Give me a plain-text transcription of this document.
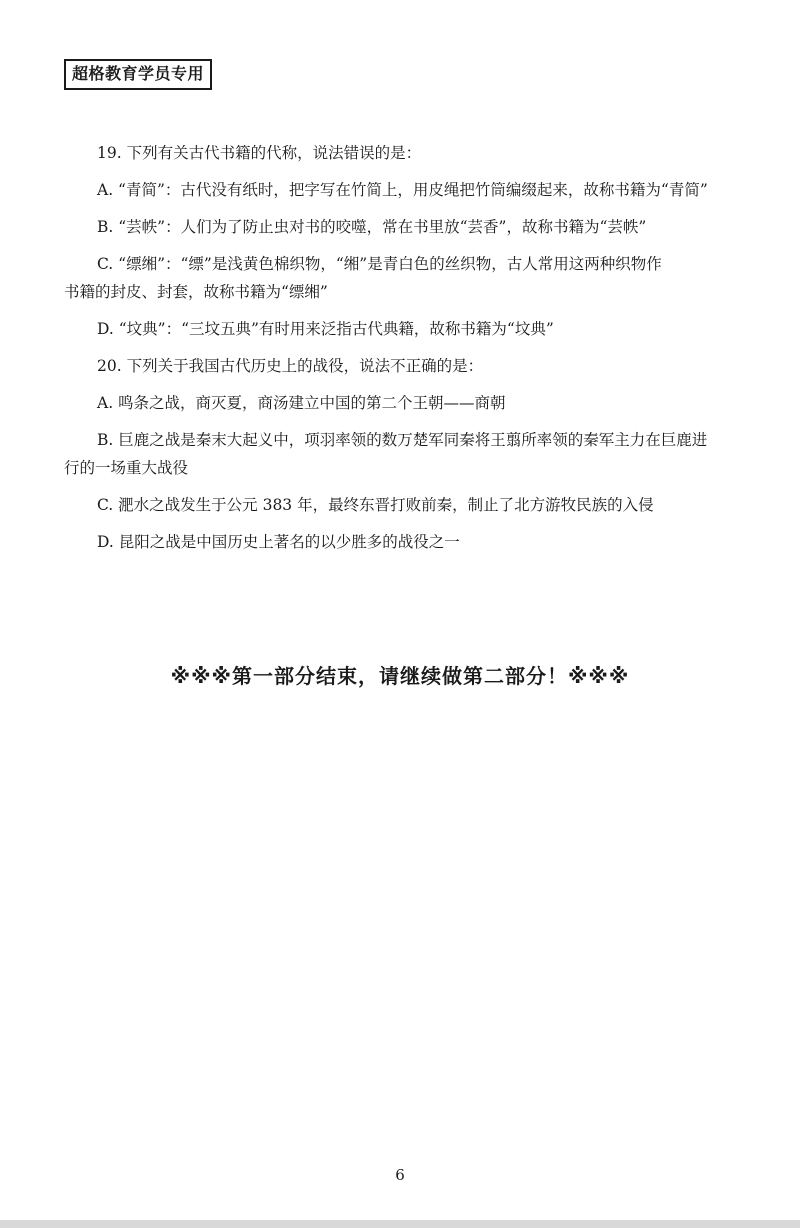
超格教育学员专用

19. 下列有关古代书籍的代称，说法错误的是：

A. “青简”：古代没有纸时，把字写在竹简上，用皮绳把竹筒编缀起来，故称书籍为“青简”

B. “芸帙”：人们为了防止虫对书的咬噬，常在书里放“芸香”，故称书籍为“芸帙”

C. “缥缃”：“缥”是浅黄色棉织物，“缃”是青白色的丝织物，古人常用这两种织物作

书籍的封皮、封套，故称书籍为“缥缃”

D. “坟典”：“三坟五典”有时用来泛指古代典籍，故称书籍为“坟典”

20. 下列关于我国古代历史上的战役，说法不正确的是：

A. 鸣条之战，商灭夏，商汤建立中国的第二个王朝——商朝

B. 巨鹿之战是秦末大起义中，项羽率领的数万楚军同秦将王翦所率领的秦军主力在巨鹿进

行的一场重大战役

C. 淝水之战发生于公元 383 年，最终东晋打败前秦，制止了北方游牧民族的入侵

D. 昆阳之战是中国历史上著名的以少胜多的战役之一

※※※第一部分结束，请继续做第二部分！※※※
6
